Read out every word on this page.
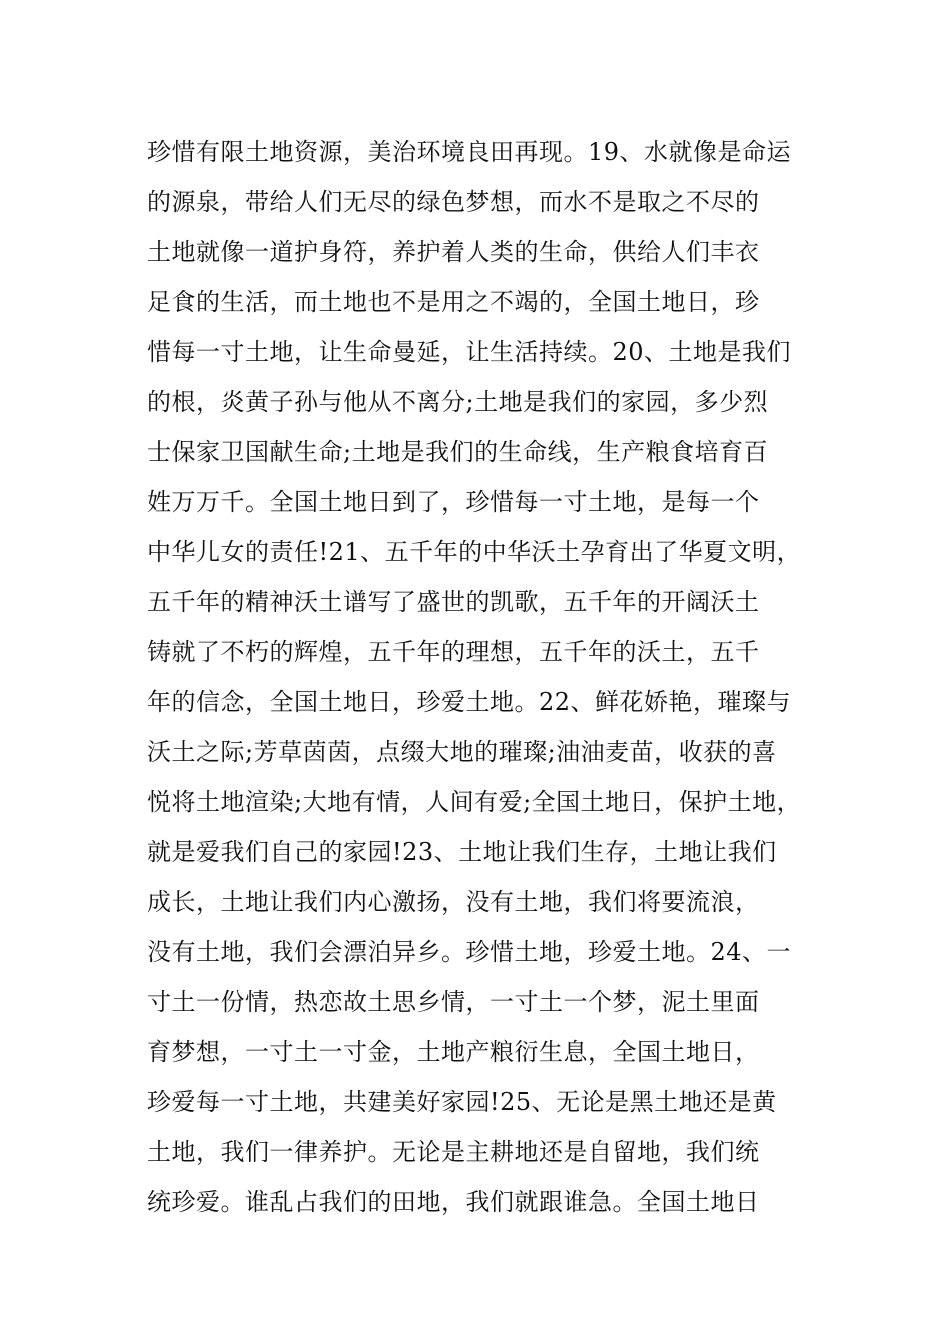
珍惜有限土地资源，美治环境良田再现。19、水就像是命运
的源泉，带给人们无尽的绿色梦想，而水不是取之不尽的
土地就像一道护身符，养护着人类的生命，供给人们丰衣
足食的生活，而土地也不是用之不竭的，全国土地日，珍
惜每一寸土地，让生命曼延，让生活持续。20、土地是我们
的根，炎黄子孙与他从不离分;土地是我们的家园，多少烈
士保家卫国献生命;土地是我们的生命线，生产粮食培育百
姓万万千。全国土地日到了，珍惜每一寸土地，是每一个
中华儿女的责任!21、五千年的中华沃土孕育出了华夏文明，
五千年的精神沃土谱写了盛世的凯歌，五千年的开阔沃土
铸就了不朽的辉煌，五千年的理想，五千年的沃土，五千
年的信念，全国土地日，珍爱土地。22、鲜花娇艳，璀璨与
沃土之际;芳草茵茵，点缀大地的璀璨;油油麦苗，收获的喜
悦将土地渲染;大地有情，人间有爱;全国土地日，保护土地，
就是爱我们自己的家园!23、土地让我们生存，土地让我们
成长，土地让我们内心激扬，没有土地，我们将要流浪，
没有土地，我们会漂泊异乡。珍惜土地，珍爱土地。24、一
寸土一份情，热恋故土思乡情，一寸土一个梦，泥土里面
育梦想，一寸土一寸金，土地产粮衍生息，全国土地日，
珍爱每一寸土地，共建美好家园!25、无论是黑土地还是黄
土地，我们一律养护。无论是主耕地还是自留地，我们统
统珍爱。谁乱占我们的田地，我们就跟谁急。全国土地日
